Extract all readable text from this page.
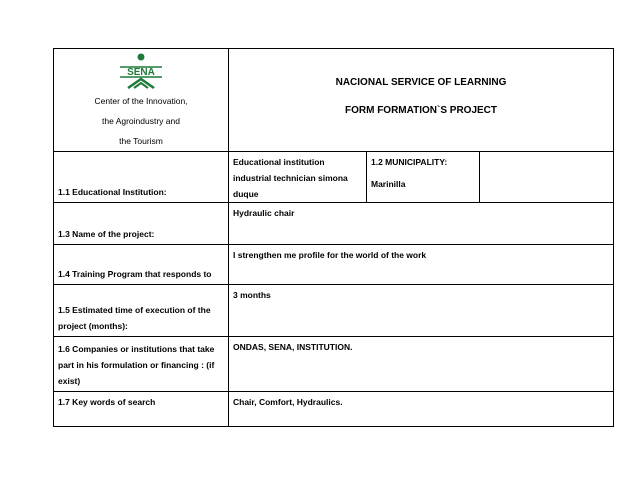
SENA
Center of the Innovation,
the Agroindustry and
the Tourism	NACIONAL SERVICE OF LEARNING
FORM FORMATION`S PROJECT		

1.1 Educational Institution:	Educational institution industrial technician simona duque	1.2 MUNICIPALITY:
Marinilla	

1.3 Name of the project:	Hydraulic chair		
1.4 Training Program that responds to	I strengthen me profile for the world of the work		
1.5 Estimated time of execution of the project (months):	3 months		
1.6 Companies or institutions that take part in his formulation or financing : (if exist)	ONDAS, SENA, INSTITUTION.		
1.7 Key words of search	Chair, Comfort, Hydraulics.		
